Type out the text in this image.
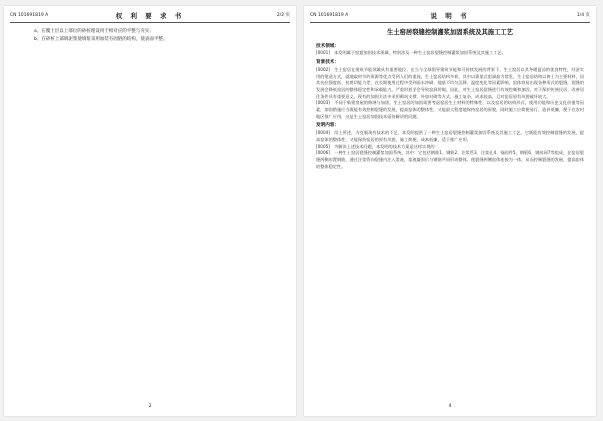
CN 101691819 A	权 利 要 求 书	2/2 页

a、在覆土层以上部位的砂桩埋设用于相对应的平整与夯实；

b、在砂桩上部填泥浆使填浆采用加装夯固链的结构，使表面平整。

2
CN 101691819 A	说 明 书	1/4 页
生土窑居裂缝控制灌浆加固系统及其施工工艺
技术领域：

[0001]　本发明属于窑窟加固技术领域，特别涉及一种生土窑居裂缝控制灌浆加固系统及其施工工艺。

背景技术：

[0002]　生土窑居在建筑节能领域具有重要地位。在当今全球倡导建筑节能和可持续发展的背景下，生土窑居以其冬暖夏凉的优良特性，经济实用的建造方式，就地取材节约资源等优点受到人们的重视。生土窑居结构多样，其中以靠崖式窑洞最为常见，生土窑居结构以黄土为主要材料，因其抗拉强度低、抗剪切能力差，在长期使用过程中受到雨水冲刷、地基不均匀沉降、温度变化等因素影响，窑体容易出现各种形式的裂缝，裂缝的发展会降低窑居的整体稳定性和承载能力，严重时甚至会导致窑洞坍塌。因此，对生土窑居裂缝进行有效控制和加固，对于保护传统民居、改善居住条件具有重要意义。现有的加固方法多采用砌筑支撑、外加衬砌等方式，施工复杂，成本较高，且对窑居原有风貌破坏较大。

[0003]　不同于新建房屋的修缮与加固，生土窑居的加固需要考虑窑居生土材料的特殊性，以及窑居的结构形式、使用功能和历史文化价值等因素，加固措施应当既能有效控制裂缝的发展，提高窑体的整体性，又能最大程度地保持窑居的原貌，同时施工应简便易行、造价低廉，便于在农村地区推广应用，这是生土窑居加固技术亟待解决的问题。

发明内容：

[0004]　综上所述，为克服现有技术的不足，本发明提供了一种生土窑居裂缝控制灌浆加固系统及其施工工艺，它既能有效控制裂缝的发展，提高窑体的整体性，又能保持窑居的原有风貌，施工简便，成本低廉，适于推广应用。

[0005]　为解决上述技术问题，本发明的技术方案是这样实现的：

[0006]　一种生土窑居裂缝控制灌浆加固系统，其中：它包括钢筋1、钢筋2、注浆管3、注浆孔4、锚固件5、钢板6、钢丝网7等组成，在窑居裂缝两侧布置钢筋，通过注浆管向裂缝内注入浆液，浆液凝固后与钢筋共同形成整体，使裂缝两侧窑体连接为一体，从而控制裂缝的发展，提高窑体的整体稳定性。

4
